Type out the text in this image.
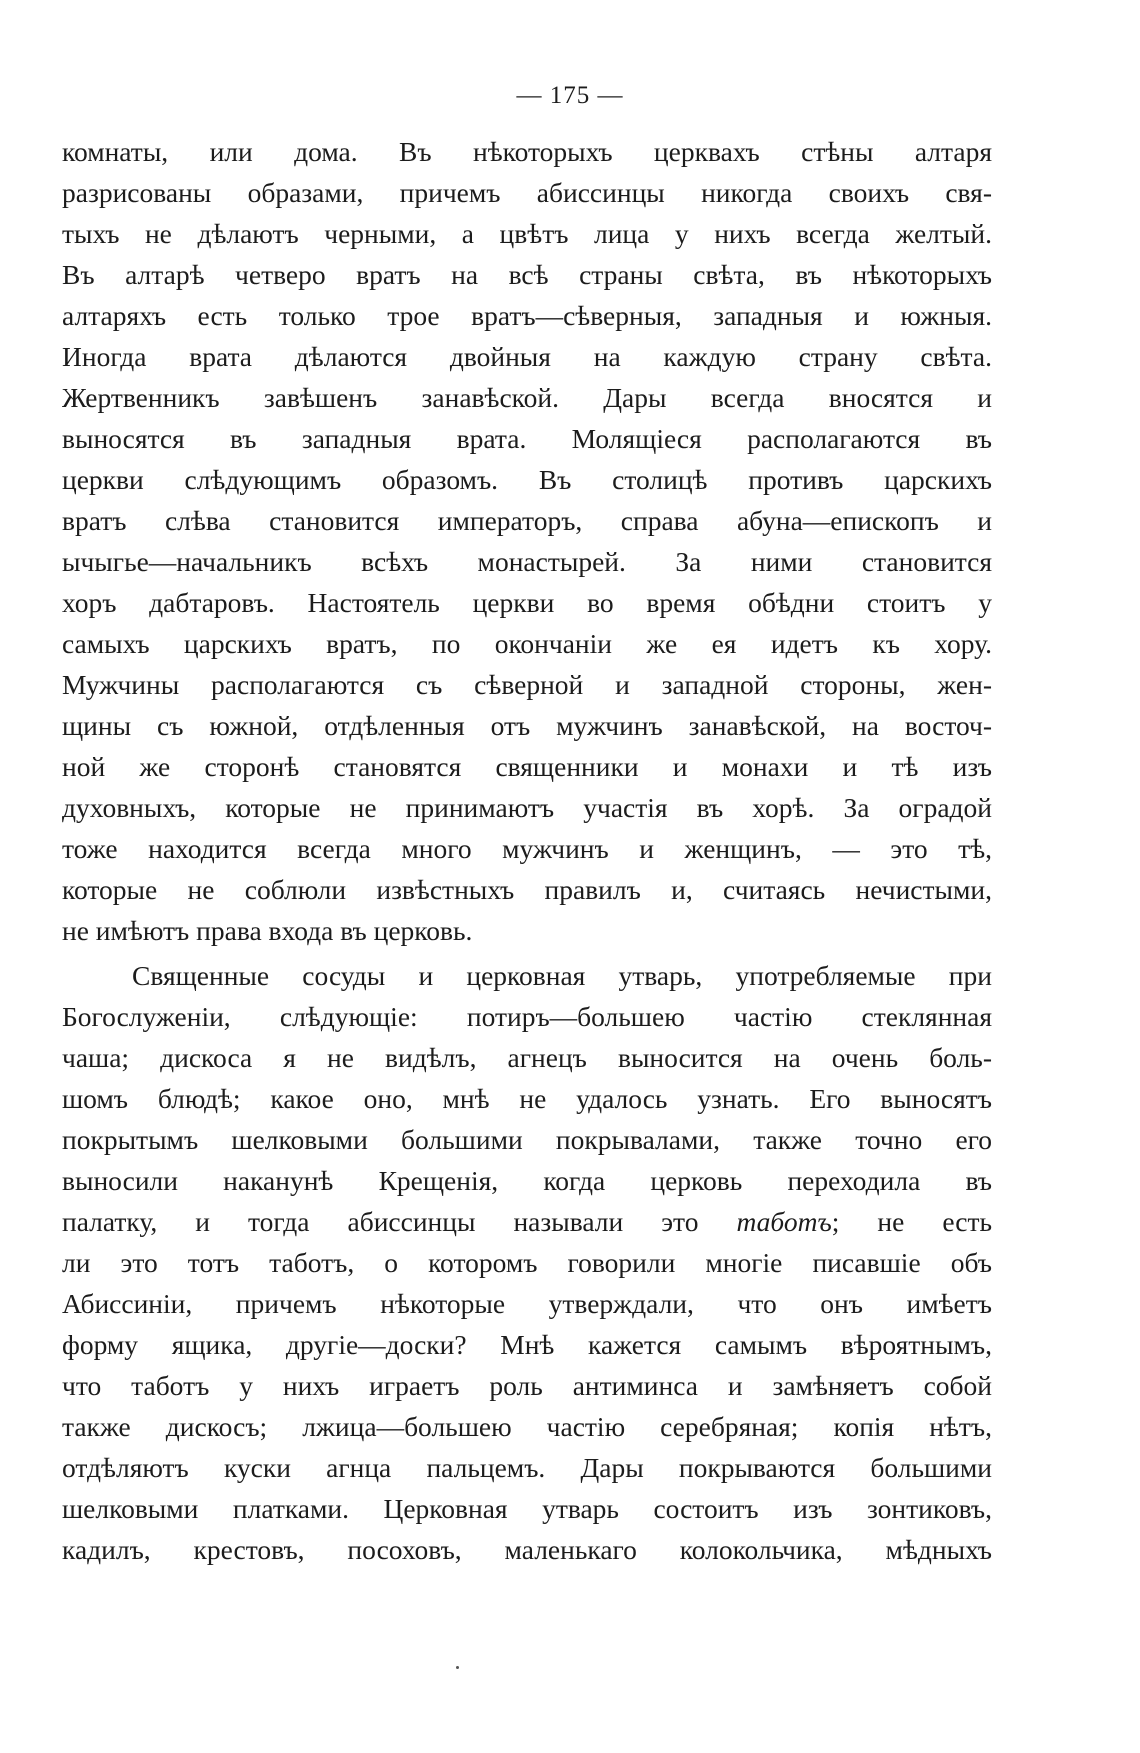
— 175 —
комнаты, или дома. Въ нѣкоторыхъ церквахъ стѣны алтаря
разрисованы образами, причемъ абиссинцы никогда своихъ свя-
тыхъ не дѣлаютъ черными, а цвѣтъ лица у нихъ всегда желтый.
Въ алтарѣ четверо вратъ на всѣ страны свѣта, въ нѣкоторыхъ
алтаряхъ есть только трое вратъ—сѣверныя, западныя и южныя.
Иногда врата дѣлаются двойныя на каждую страну свѣта.
Жертвенникъ завѣшенъ занавѣской. Дары всегда вносятся и
выносятся въ западныя врата. Молящіеся располагаются въ
церкви слѣдующимъ образомъ. Въ столицѣ противъ царскихъ
вратъ слѣва становится императоръ, справа абуна—епископъ и
ычыгье—начальникъ всѣхъ монастырей. За ними становится
хоръ дабтаровъ. Настоятель церкви во время обѣдни стоитъ у
самыхъ царскихъ вратъ, по окончаніи же ея идетъ къ хору.
Мужчины располагаются съ сѣверной и западной стороны, жен-
щины съ южной, отдѣленныя отъ мужчинъ занавѣской, на восточ-
ной же сторонѣ становятся священники и монахи и тѣ изъ
духовныхъ, которые не принимаютъ участія въ хорѣ. За оградой
тоже находится всегда много мужчинъ и женщинъ, — это тѣ,
которые не соблюли извѣстныхъ правилъ и, считаясь нечистыми,
не имѣютъ права входа въ церковь.
Священные сосуды и церковная утварь, употребляемые при
Богослуженіи, слѣдующіе: потиръ—большею частію стеклянная
чаша; дискоса я не видѣлъ, агнецъ выносится на очень боль-
шомъ блюдѣ; какое оно, мнѣ не удалось узнать. Его выносятъ
покрытымъ шелковыми большими покрывалами, также точно его
выносили наканунѣ Крещенія, когда церковь переходила въ
палатку, и тогда абиссинцы называли это таботъ; не есть
ли это тотъ таботъ, о которомъ говорили многіе писавшіе объ
Абиссиніи, причемъ нѣкоторые утверждали, что онъ имѣетъ
форму ящика, другіе—доски? Мнѣ кажется самымъ вѣроятнымъ,
что таботъ у нихъ играетъ роль антиминса и замѣняетъ собой
также дискосъ; лжица—большею частію серебряная; копія нѣтъ,
отдѣляютъ куски агнца пальцемъ. Дары покрываются большими
шелковыми платками. Церковная утварь состоитъ изъ зонтиковъ,
кадилъ, крестовъ, посоховъ, маленькаго колокольчика, мѣдныхъ
